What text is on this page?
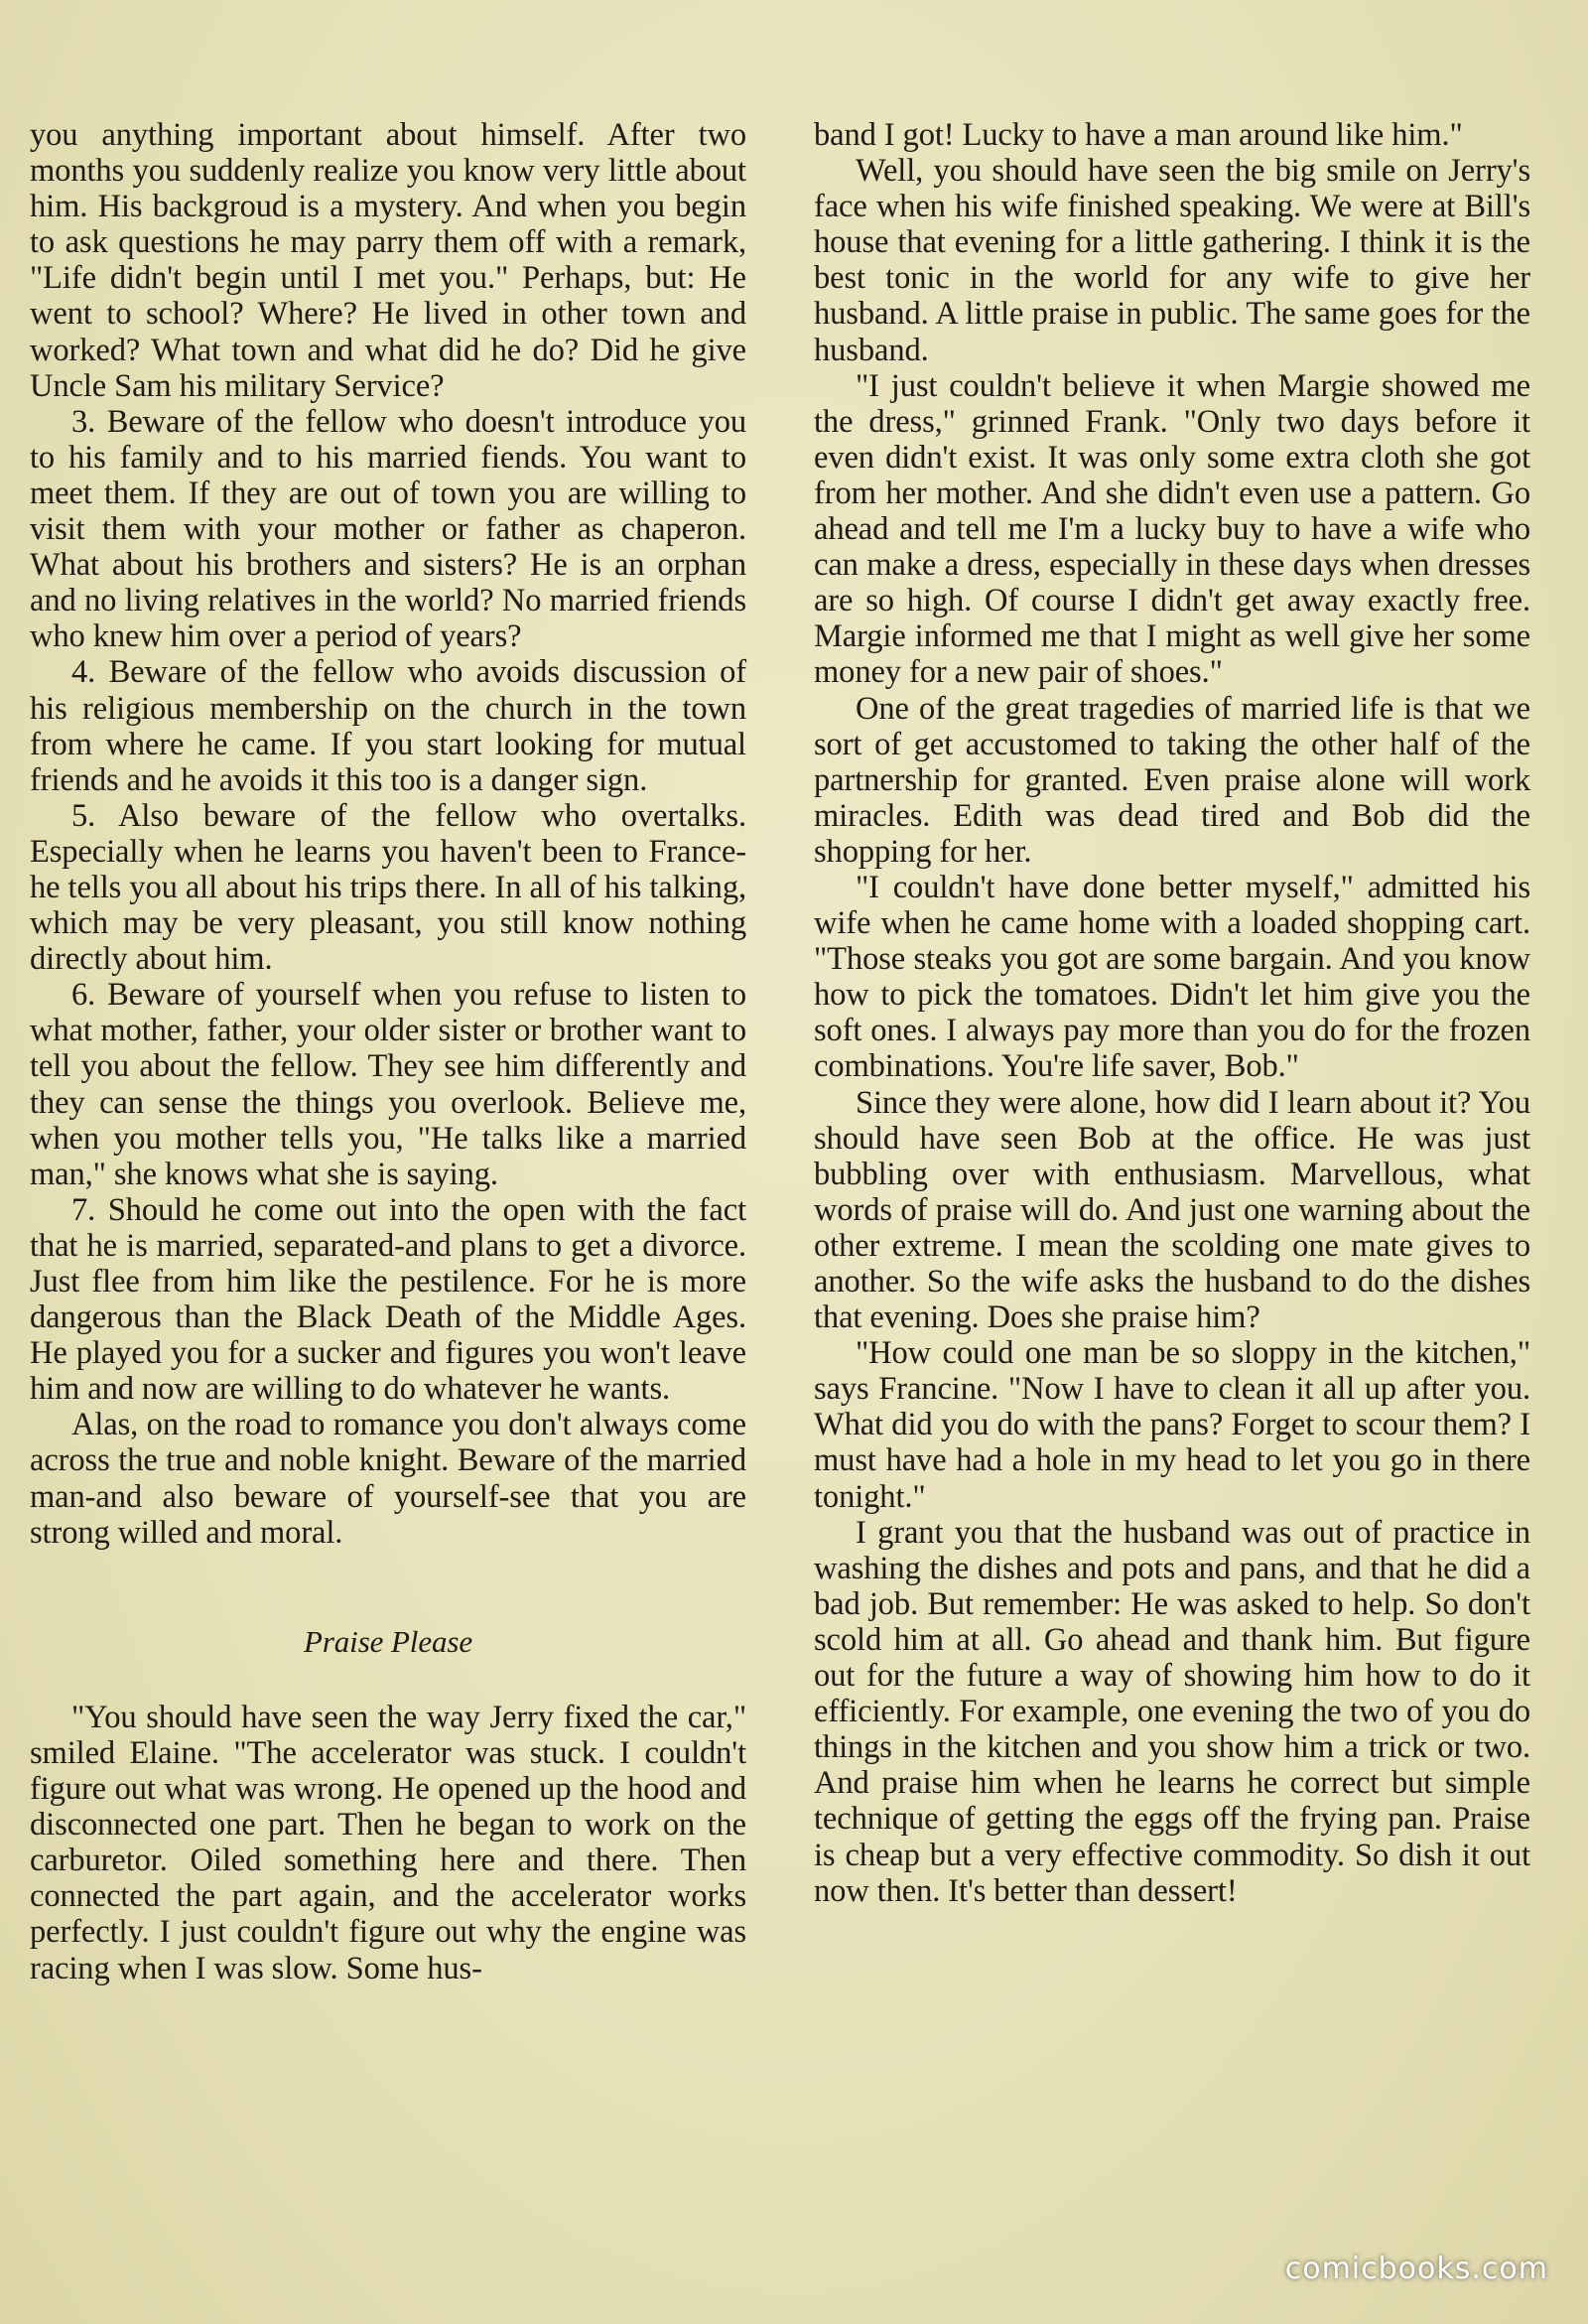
you anything important about himself. After two months you suddenly realize you know very little about him. His backgroud is a mystery. And when you begin to ask questions he may parry them off with a remark, "Life didn't begin until I met you." Perhaps, but: He went to school? Where? He lived in other town and worked? What town and what did he do? Did he give Uncle Sam his military Service?

3. Beware of the fellow who doesn't introduce you to his family and to his married fiends. You want to meet them. If they are out of town you are willing to visit them with your mother or father as chaperon. What about his brothers and sisters? He is an orphan and no living relatives in the world? No married friends who knew him over a period of years?

4. Beware of the fellow who avoids discussion of his religious membership on the church in the town from where he came. If you start looking for mutual friends and he avoids it this too is a danger sign.

5. Also beware of the fellow who overtalks. Especially when he learns you haven't been to France-he tells you all about his trips there. In all of his talking, which may be very pleasant, you still know nothing directly about him.

6. Beware of yourself when you refuse to listen to what mother, father, your older sister or brother want to tell you about the fellow. They see him differently and they can sense the things you overlook. Believe me, when you mother tells you, "He talks like a married man," she knows what she is saying.

7. Should he come out into the open with the fact that he is married, separated-and plans to get a divorce. Just flee from him like the pestilence. For he is more dangerous than the Black Death of the Middle Ages. He played you for a sucker and figures you won't leave him and now are willing to do whatever he wants.

Alas, on the road to romance you don't always come across the true and noble knight. Beware of the married man-and also beware of yourself-see that you are strong willed and moral.

Praise Please

"You should have seen the way Jerry fixed the car," smiled Elaine. "The accelerator was stuck. I couldn't figure out what was wrong. He opened up the hood and disconnected one part. Then he began to work on the carburetor. Oiled something here and there. Then connected the part again, and the accelerator works perfectly. I just couldn't figure out why the engine was racing when I was slow. Some hus-

band I got! Lucky to have a man around like him."

Well, you should have seen the big smile on Jerry's face when his wife finished speaking. We were at Bill's house that evening for a little gathering. I think it is the best tonic in the world for any wife to give her husband. A little praise in public. The same goes for the husband.

"I just couldn't believe it when Margie showed me the dress," grinned Frank. "Only two days before it even didn't exist. It was only some extra cloth she got from her mother. And she didn't even use a pattern. Go ahead and tell me I'm a lucky buy to have a wife who can make a dress, especially in these days when dresses are so high. Of course I didn't get away exactly free. Margie informed me that I might as well give her some money for a new pair of shoes."

One of the great tragedies of married life is that we sort of get accustomed to taking the other half of the partnership for granted. Even praise alone will work miracles. Edith was dead tired and Bob did the shopping for her.

"I couldn't have done better myself," admitted his wife when he came home with a loaded shopping cart. "Those steaks you got are some bargain. And you know how to pick the tomatoes. Didn't let him give you the soft ones. I always pay more than you do for the frozen combinations. You're life saver, Bob."

Since they were alone, how did I learn about it? You should have seen Bob at the office. He was just bubbling over with enthusiasm. Marvellous, what words of praise will do. And just one warning about the other extreme. I mean the scolding one mate gives to another. So the wife asks the husband to do the dishes that evening. Does she praise him?

"How could one man be so sloppy in the kitchen," says Francine. "Now I have to clean it all up after you. What did you do with the pans? Forget to scour them? I must have had a hole in my head to let you go in there tonight."

I grant you that the husband was out of practice in washing the dishes and pots and pans, and that he did a bad job. But remember: He was asked to help. So don't scold him at all. Go ahead and thank him. But figure out for the future a way of showing him how to do it efficiently. For example, one evening the two of you do things in the kitchen and you show him a trick or two. And praise him when he learns he correct but simple technique of getting the eggs off the frying pan. Praise is cheap but a very effective commodity. So dish it out now then. It's better than dessert!

comicbooks.com
